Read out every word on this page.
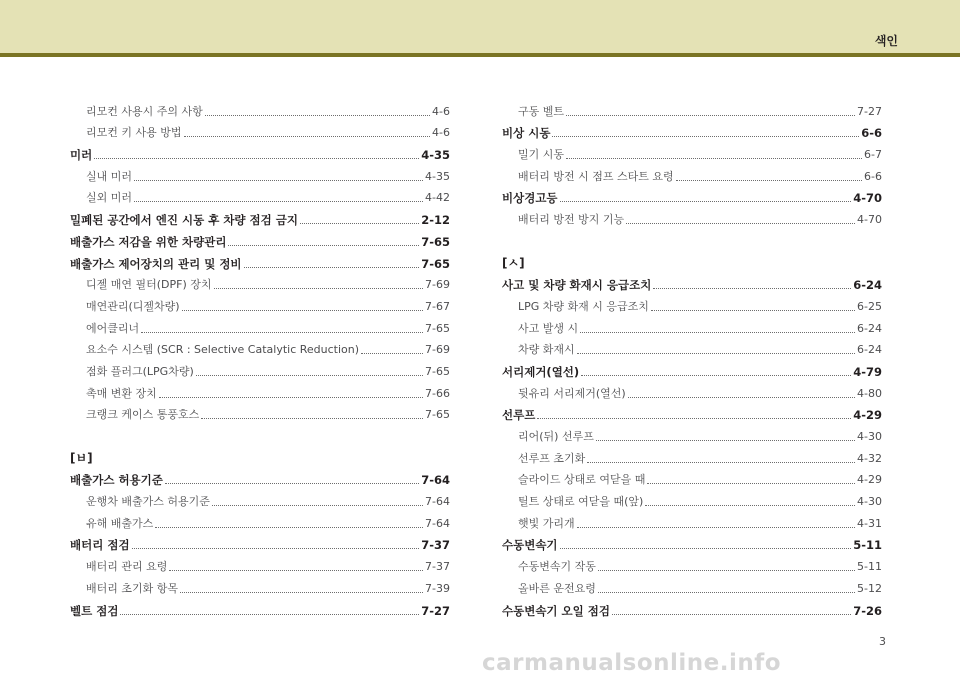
색인
리모컨 사용시 주의 사항	4-6
리모컨 키 사용 방법	4-6
미러	4-35
실내 미러	4-35
실외 미러	4-42
밀폐된 공간에서 엔진 시동 후 차량 점검 금지	2-12
배출가스 저감을 위한 차량관리	7-65
배출가스 제어장치의 관리 및 정비	7-65
디젤 매연 필터(DPF) 장치	7-69
매연관리(디젤차량)	7-67
에어클리너	7-65
요소수 시스템 (SCR : Selective Catalytic Reduction)	7-69
점화 플러그(LPG차량)	7-65
촉매 변환 장치	7-66
크랭크 케이스 통풍호스	7-65
[ㅂ]
배출가스 허용기준	7-64
운행차 배출가스 허용기준	7-64
유해 배출가스	7-64
배터리 점검	7-37
배터리 관리 요령	7-37
배터리 초기화 항목	7-39
벨트 점검	7-27
구동 벨트	7-27
비상 시동	6-6
밀기 시동	6-7
배터리 방전 시 점프 스타트 요령	6-6
비상경고등	4-70
배터리 방전 방지 기능	4-70
[ㅅ]
사고 및 차량 화재시 응급조치	6-24
LPG 차량 화재 시 응급조치	6-25
사고 발생 시	6-24
차량 화재시	6-24
서리제거(열선)	4-79
뒷유리 서리제거(열선)	4-80
선루프	4-29
리어(뒤) 선루프	4-30
선루프 초기화	4-32
슬라이드 상태로 여닫을 때	4-29
틸트 상태로 여닫을 때(앞)	4-30
햇빛 가리개	4-31
수동변속기	5-11
수동변속기 작동	5-11
올바른 운전요령	5-12
수동변속기 오일 점검	7-26
3
carmanualsonline.info
